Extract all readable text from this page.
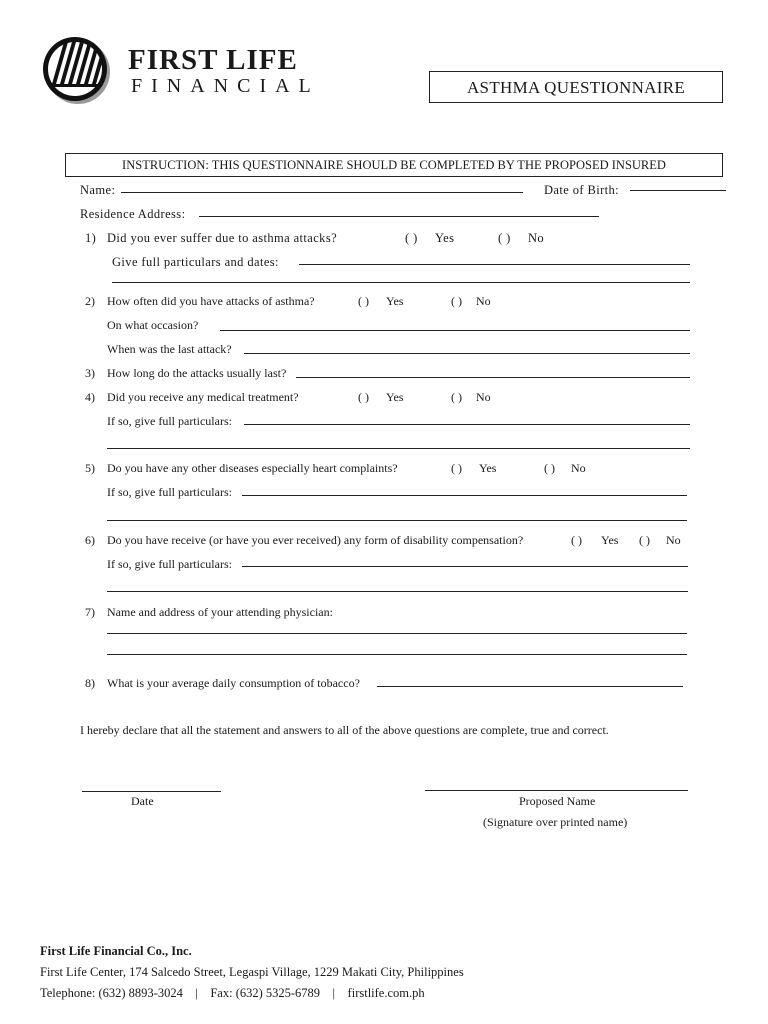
FIRST LIFE
FINANCIAL	ASTHMA QUESTIONNAIRE
INSTRUCTION: THIS QUESTIONNAIRE SHOULD BE COMPLETED BY THE PROPOSED INSURED
Name:	Date of Birth:
Residence Address:
1) Did you ever suffer due to asthma attacks?	( ) Yes	( ) No
Give full particulars and dates:
2) How often did you have attacks of asthma?	( ) Yes	( ) No
On what occasion?
When was the last attack?
3) How long do the attacks usually last?
4) Did you receive any medical treatment?	( ) Yes	( ) No
If so, give full particulars:
5) Do you have any other diseases especially heart complaints?	( ) Yes	( ) No
If so, give full particulars:
6) Do you have receive (or have you ever received) any form of disability compensation?	( ) Yes ( ) No
If so, give full particulars:
7) Name and address of your attending physician:
8) What is your average daily consumption of tobacco?
I hereby declare that all the statement and answers to all of the above questions are complete, true and correct.
Date	Proposed Name
(Signature over printed name)
First Life Financial Co., Inc.
First Life Center, 174 Salcedo Street, Legaspi Village, 1229 Makati City, Philippines
Telephone: (632) 8893-3024    |    Fax: (632) 5325-6789    |    firstlife.com.ph
